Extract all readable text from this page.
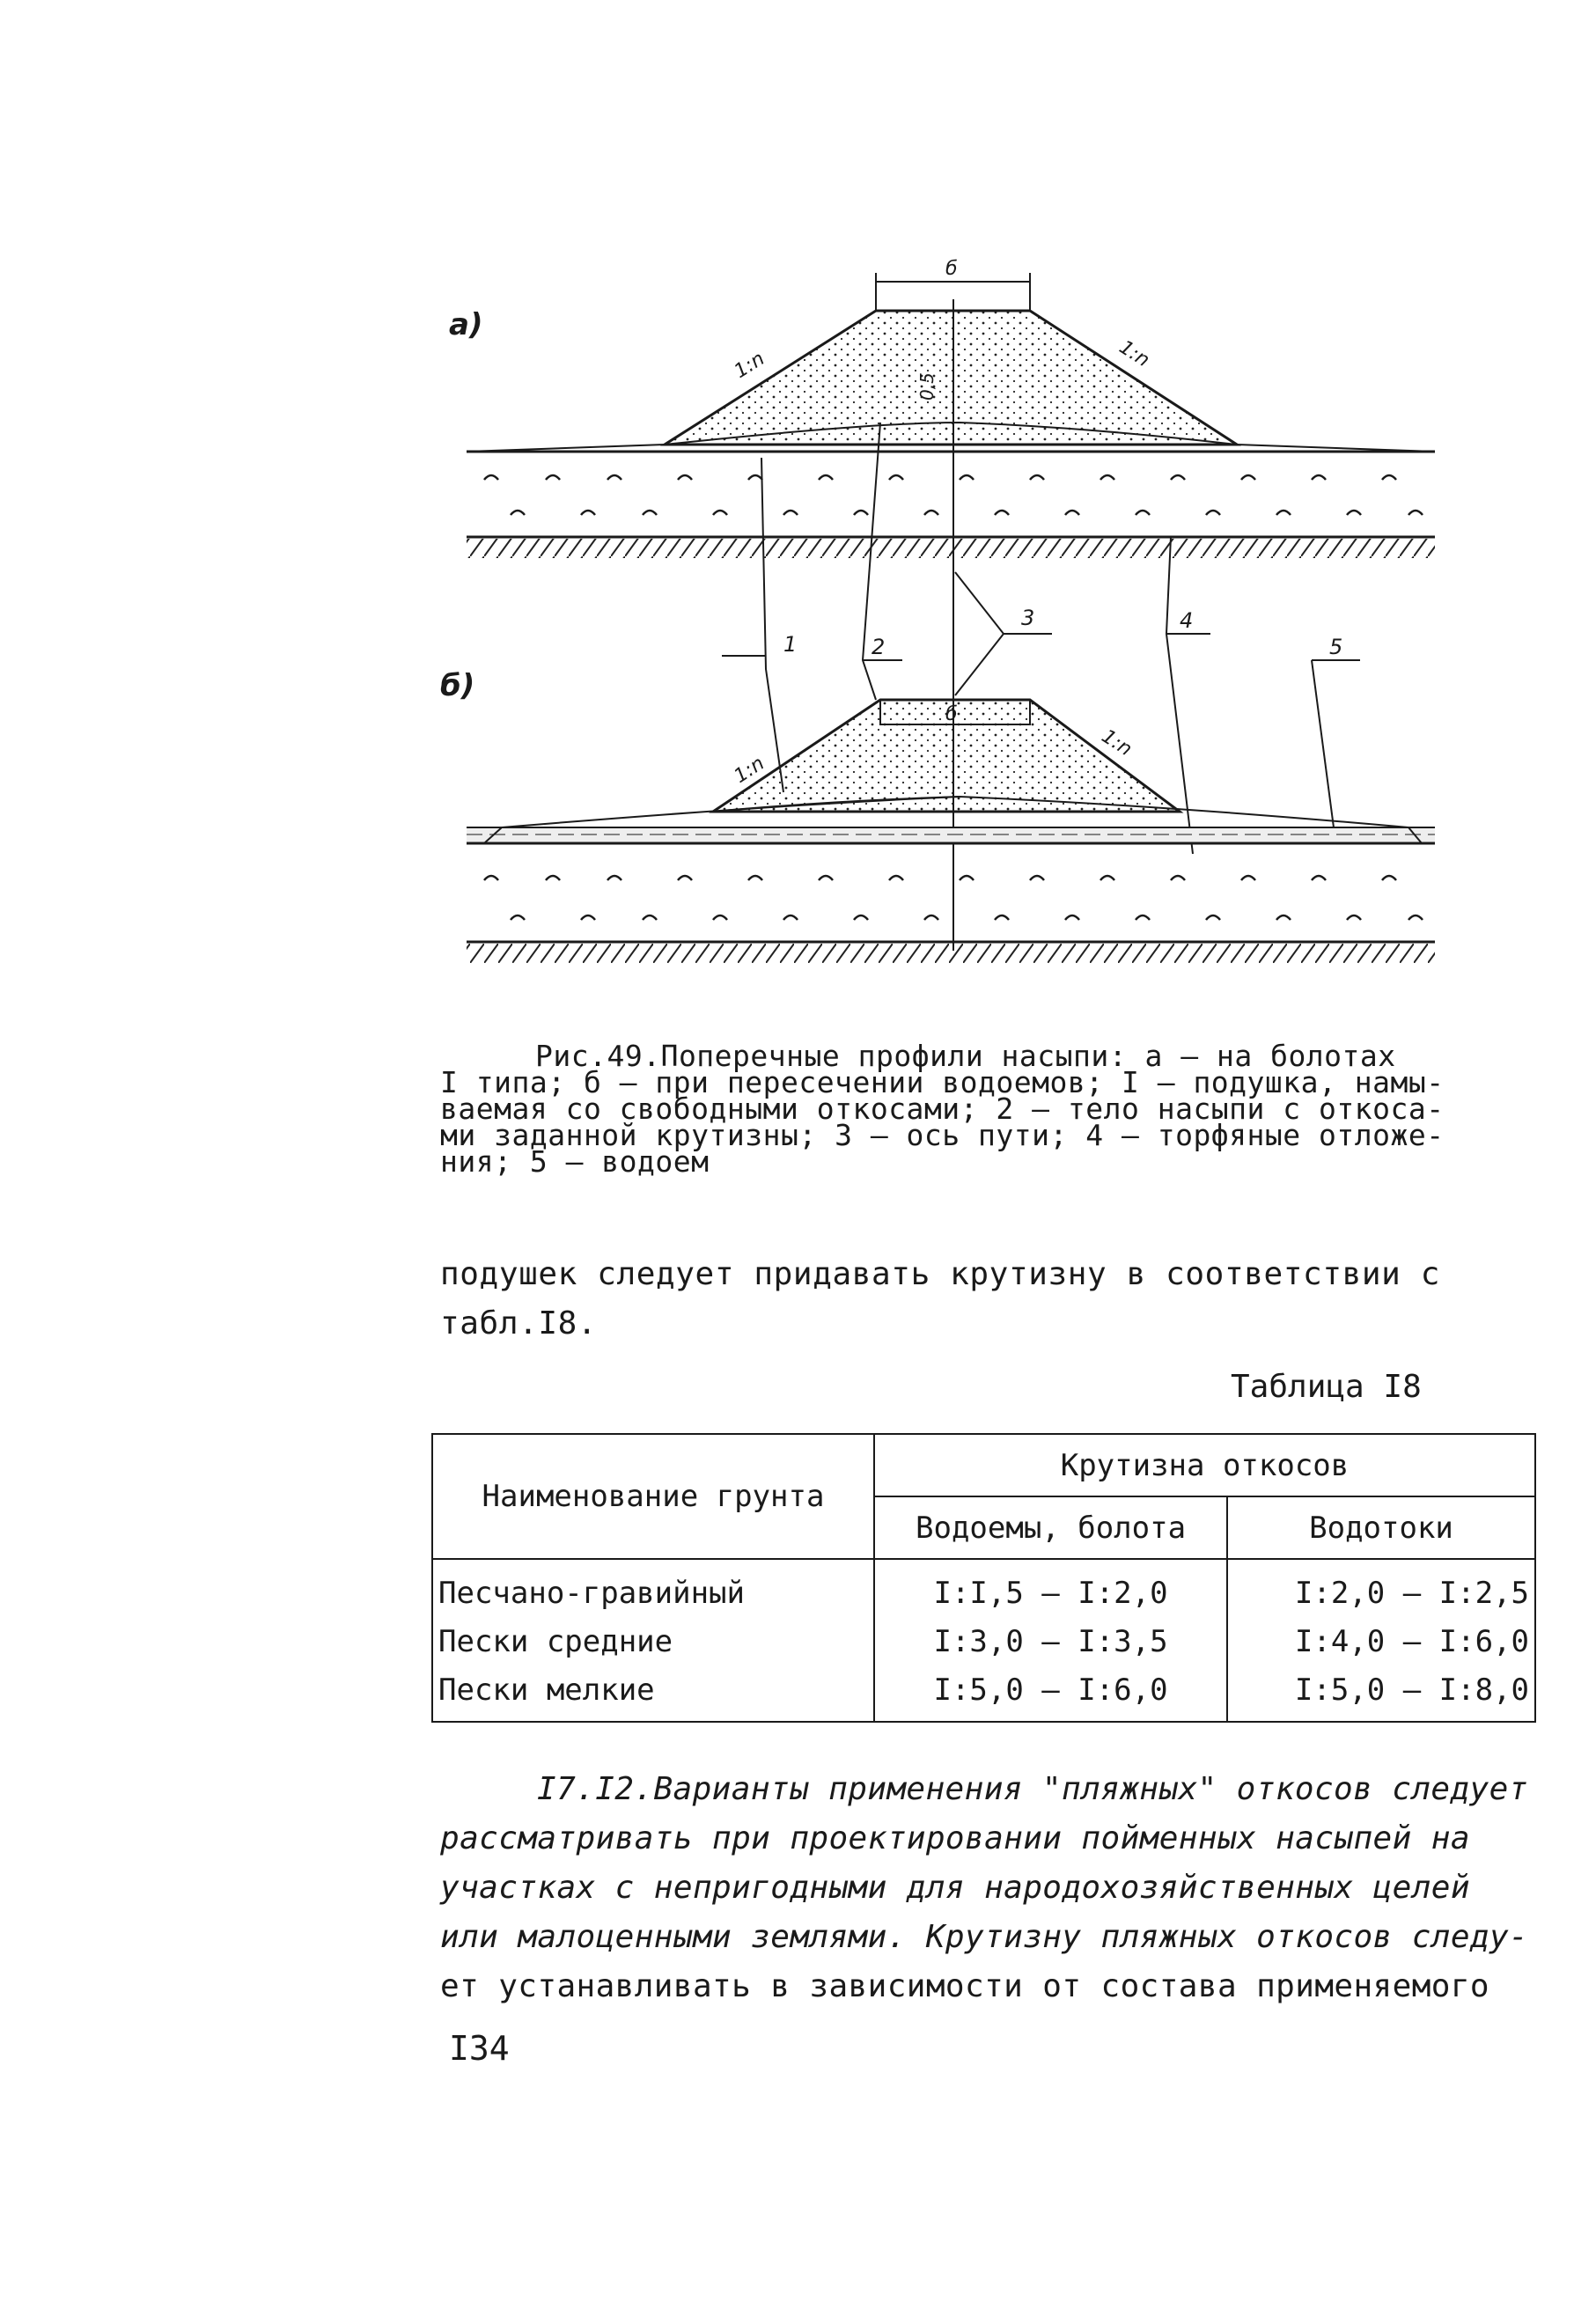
а)
б
1:n	1:n
0,5
1	2
3	4
5
б)
б
1:n
1:n
Рис.49.Поперечные профили насыпи: а – на болотах
I типа; б – при пересечении водоемов; I – подушка, намы-
ваемая со свободными откосами; 2 – тело насыпи с откоса-
ми заданной крутизны; 3 – ось пути; 4 – торфяные отложе-
ния; 5 – водоем
подушек следует придавать крутизну в соответствии с
табл.I8.
Таблица I8
Наименование грунта	Крутизна откосов	
	Водоемы, болота	Водотоки
Песчано-гравийный	I:I,5 – I:2,0	I:2,0 – I:2,5
Пески средние	I:3,0 – I:3,5	I:4,0 – I:6,0
Пески мелкие	I:5,0 – I:6,0	I:5,0 – I:8,0
I7.I2.Варианты применения "пляжных" откосов следует
рассматривать при проектировании пойменных насыпей на
участках с непригодными для народохозяйственных целей
или малоценными землями. Крутизну пляжных откосов следу-
ет устанавливать в зависимости от состава применяемого
I34
